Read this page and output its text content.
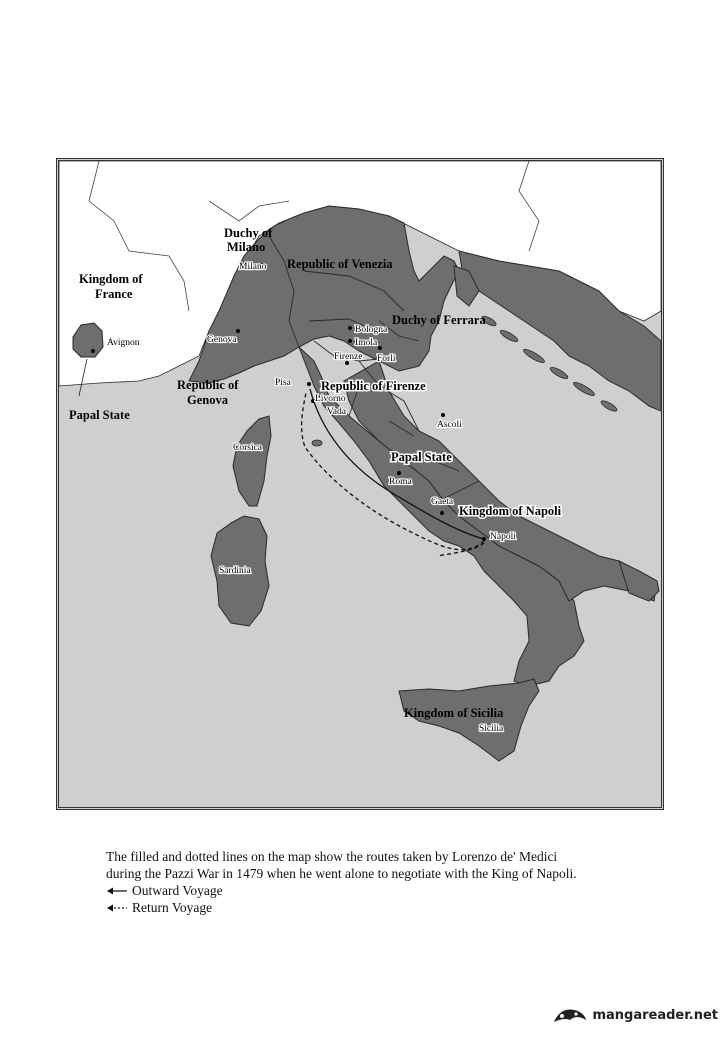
Duchy of
Milano
Republic of Venezia
Kingdom of
France
Duchy of Ferrara
Republic of
Genova
Papal State
Republic of Firenze
Papal State
Kingdom of Napoli
Kingdom of Sicilia
Milano
Avignon	Genova
Bologna
Imola
Forli
Firenze
Pisa
Livorno
Vada
Ascoli
Corsica
Sardinia
Roma
Gaeta
Napoli
Sicilia

The filled and dotted lines on the map show the routes taken by Lorenzo de' Medici

during the Pazzi War in 1479 when he went alone to negotiate with the King of Napoli.

Outward Voyage
Return Voyage
mangareader.net
